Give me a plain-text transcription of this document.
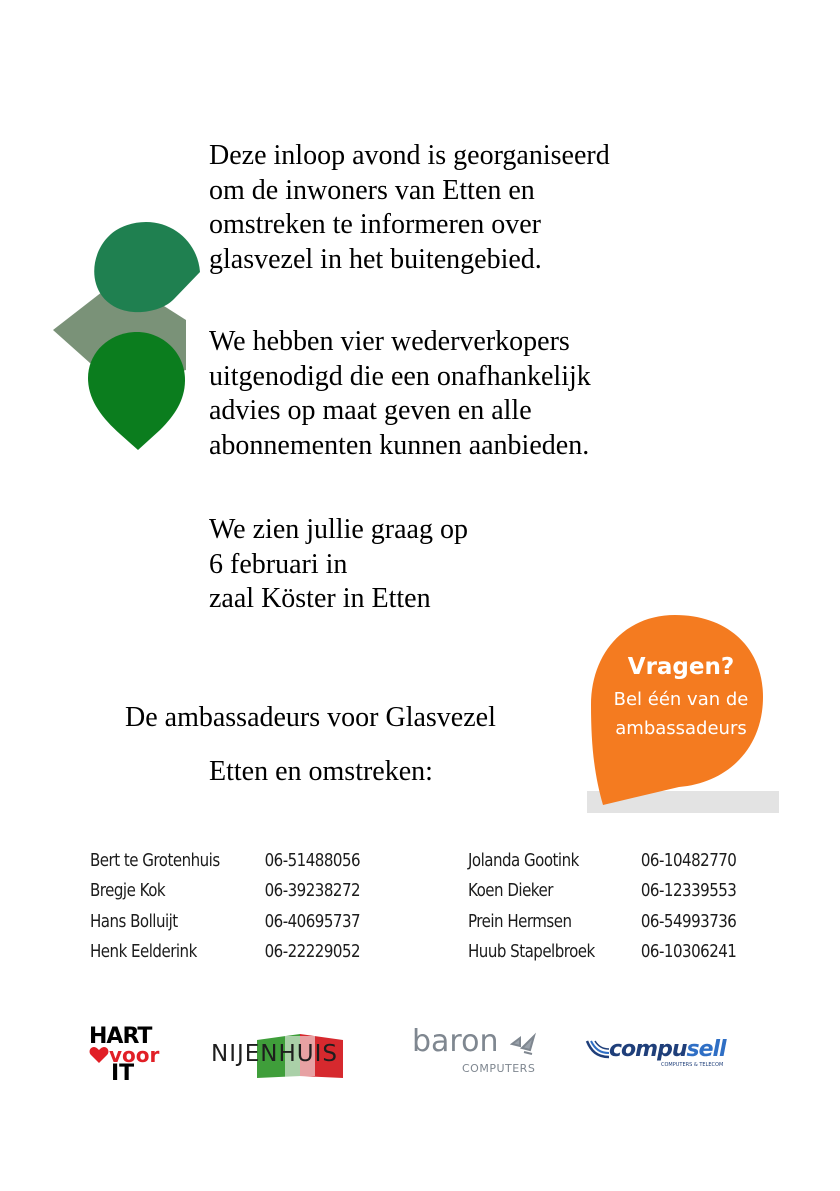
Deze inloop avond is georganiseerd
om de inwoners van Etten en
omstreken te informeren over
glasvezel in het buitengebied.
We hebben vier wederverkopers
uitgenodigd die een onafhankelijk
advies op maat geven en alle
abonnementen kunnen aanbieden.
We zien jullie graag op
6 februari in
zaal Köster in Etten
Vragen?
Bel één van de
ambassadeurs
De ambassadeurs voor Glasvezel
Etten en omstreken:
Bert te Grotenhuis	06-51488056
Bregje Kok	06-39238272
Hans Bolluijt	06-40695737
Henk Eelderink	06-22229052
Jolanda Gootink	06-10482770
Koen Dieker	06-12339553
Prein Hermsen	06-54993736
Huub Stapelbroek	06-10306241
HART
voor
IT
NIJENHUIS baron
COMPUTERS
compusell
COMPUTERS & TELECOM
